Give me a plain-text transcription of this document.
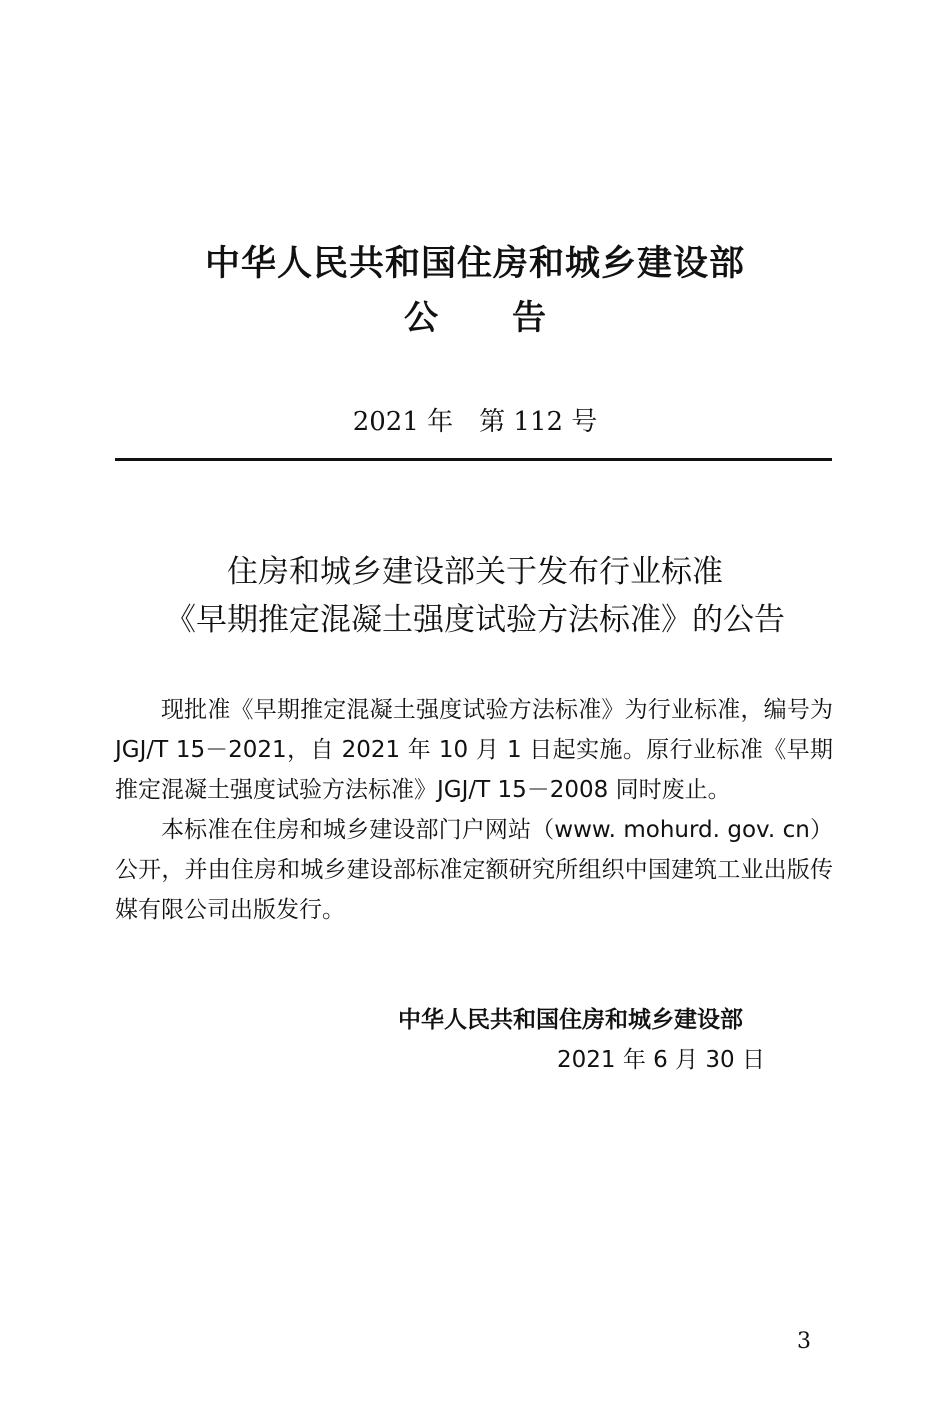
中华人民共和国住房和城乡建设部
公 告
2021 年　第 112 号
住房和城乡建设部关于发布行业标准
《早期推定混凝土强度试验方法标准》的公告

现批准《早期推定混凝土强度试验方法标准》为行业标准，编号为 JGJ/T 15－2021，自 2021 年 10 月 1 日起实施。原行业标准《早期推定混凝土强度试验方法标准》JGJ/T 15－2008 同时废止。

本标准在住房和城乡建设部门户网站（www. mohurd. gov. cn）公开，并由住房和城乡建设部标准定额研究所组织中国建筑工业出版传媒有限公司出版发行。

中华人民共和国住房和城乡建设部
2021 年 6 月 30 日
3
